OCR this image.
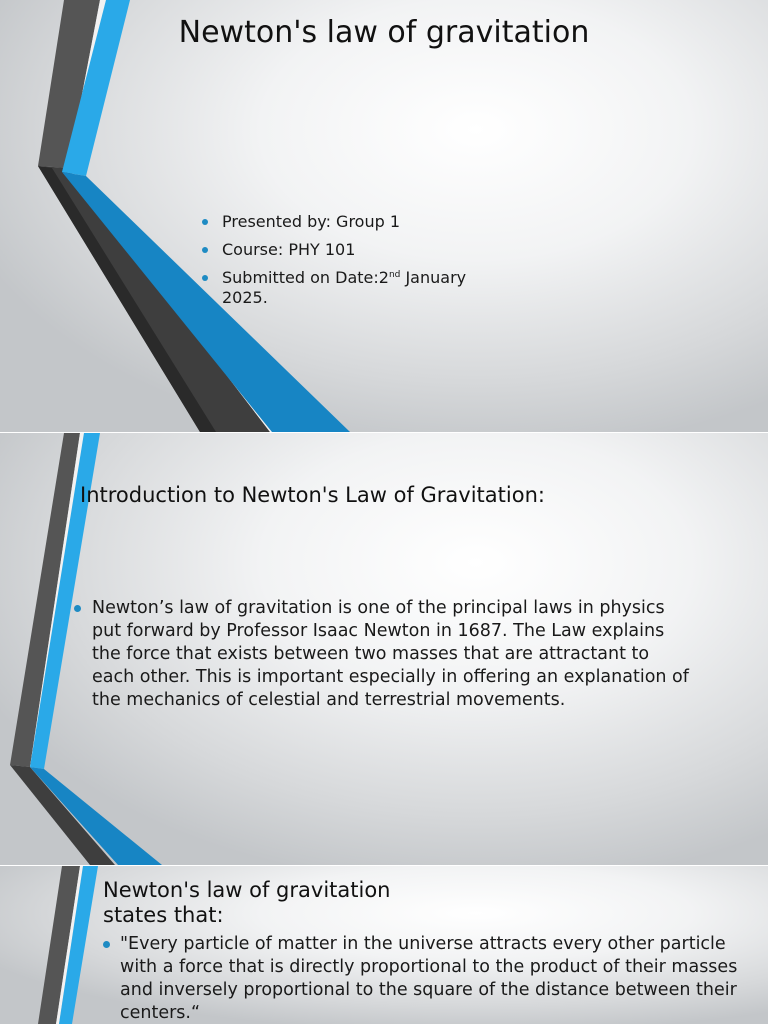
Newton's law of gravitation
Presented by: Group 1
Course: PHY 101
Submitted on Date:2nd January 2025.
Introduction to Newton's Law of Gravitation:
Newton’s law of gravitation is one of the principal laws in physics put forward by Professor Isaac Newton in 1687. The Law explains the force that exists between two masses that are attractant to each other. This is important especially in offering an explanation of the mechanics of celestial and terrestrial movements.
Newton's law of gravitation states that:
"Every particle of matter in the universe attracts every other particle with a force that is directly proportional to the product of their masses and inversely proportional to the square of the distance between their centers.“
